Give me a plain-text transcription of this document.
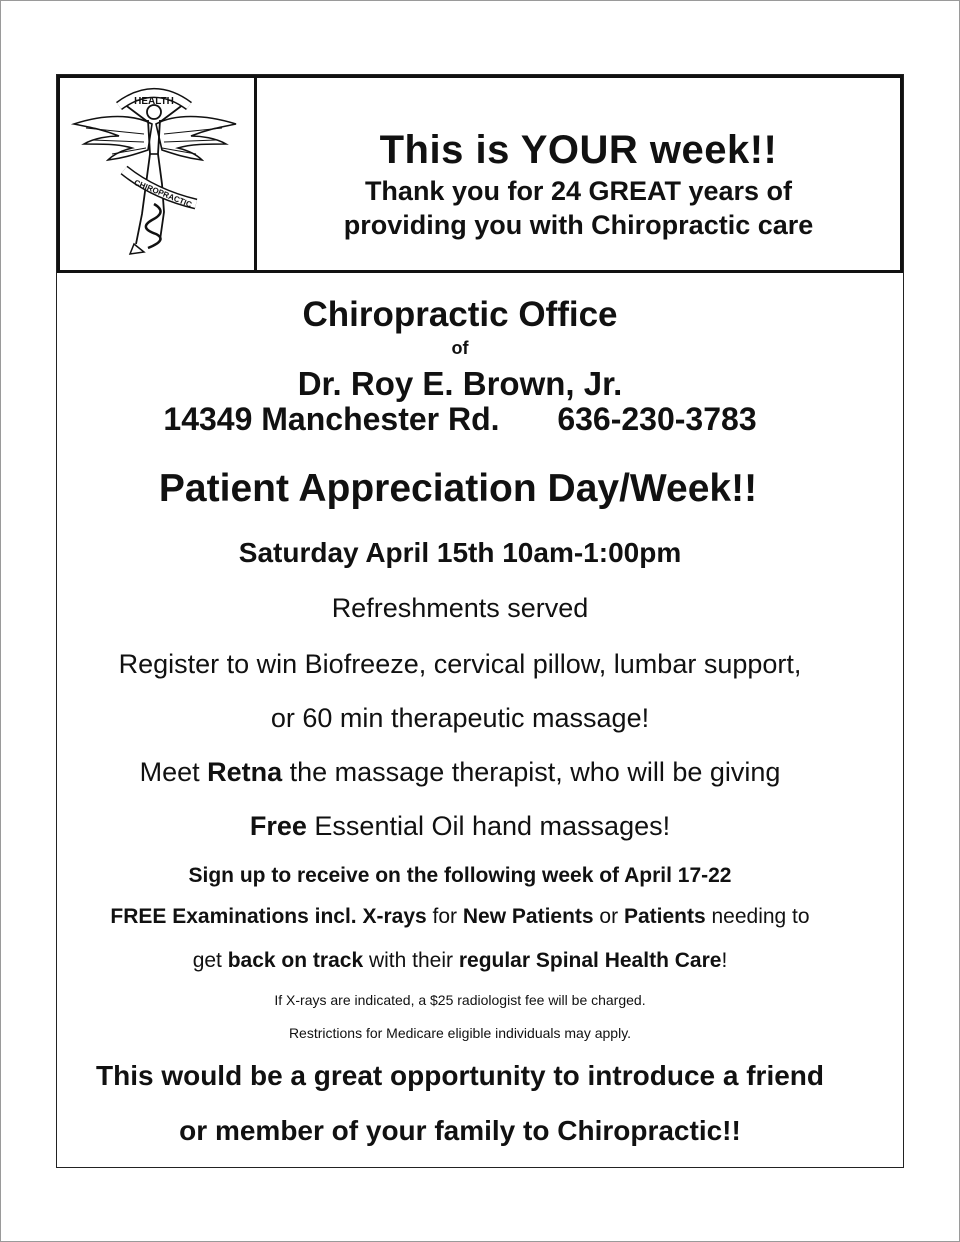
HEALTH
CHIROPRACTIC
This is YOUR week!!
Thank you for 24 GREAT years of
providing you with Chiropractic care
Chiropractic Office
of
Dr. Roy E. Brown, Jr.
14349 Manchester Rd. 636-230-3783
Patient Appreciation Day/Week!!
Saturday April 15th 10am-1:00pm
Refreshments served
Register to win Biofreeze, cervical pillow, lumbar support,
or 60 min therapeutic massage!
Meet Retna the massage therapist, who will be giving
Free Essential Oil hand massages!
Sign up to receive on the following week of April 17-22
FREE Examinations incl. X-rays for New Patients or Patients needing to
get back on track with their regular Spinal Health Care!
If X-rays are indicated, a $25 radiologist fee will be charged.
Restrictions for Medicare eligible individuals may apply.
This would be a great opportunity to introduce a friend
or member of your family to Chiropractic!!
